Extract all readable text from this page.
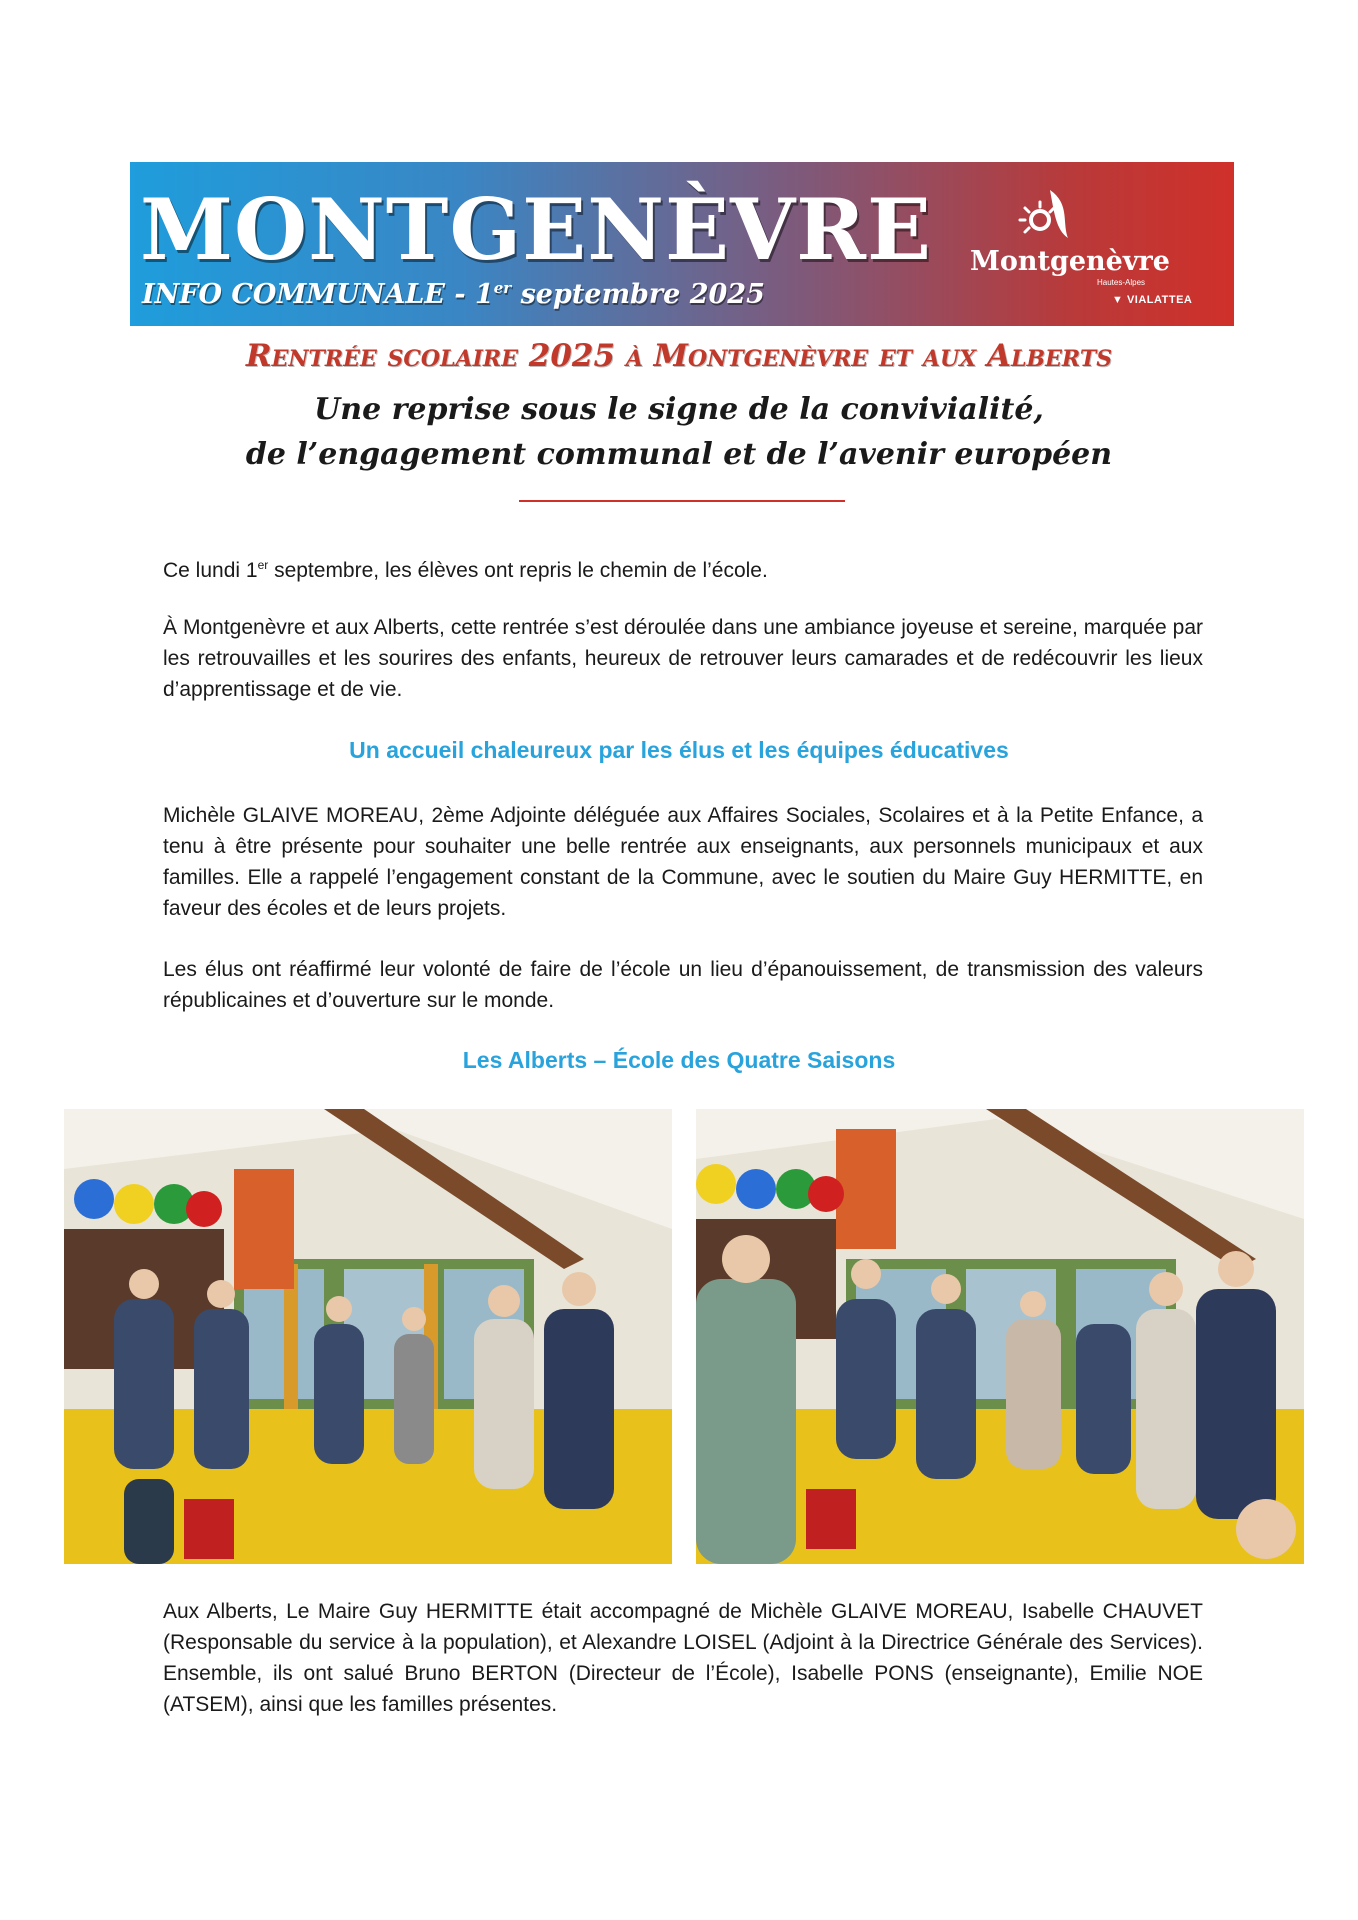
MONTGENÈVRE
INFO COMMUNALE - 1er septembre 2025
Montgenèvre
Hautes-Alpes
▼ VIALATTEA
Rentrée scolaire 2025 à Montgenèvre et aux Alberts
Une reprise sous le signe de la convivialité,
de l’engagement communal et de l’avenir européen
Ce lundi 1er septembre, les élèves ont repris le chemin de l’école.
À Montgenèvre et aux Alberts, cette rentrée s’est déroulée dans une ambiance joyeuse et sereine, marquée par les retrouvailles et les sourires des enfants, heureux de retrouver leurs camarades et de redécouvrir les lieux d’apprentissage et de vie.
Un accueil chaleureux par les élus et les équipes éducatives
Michèle GLAIVE MOREAU, 2ème Adjointe déléguée aux Affaires Sociales, Scolaires et à la Petite Enfance, a tenu à être présente pour souhaiter une belle rentrée aux enseignants, aux personnels municipaux et aux familles. Elle a rappelé l’engagement constant de la Commune, avec le soutien du Maire Guy HERMITTE, en faveur des écoles et de leurs projets.
Les élus ont réaffirmé leur volonté de faire de l’école un lieu d’épanouissement, de transmission des valeurs républicaines et d’ouverture sur le monde.
Les Alberts – École des Quatre Saisons
Aux Alberts, Le Maire Guy HERMITTE était accompagné de Michèle GLAIVE MOREAU, Isabelle CHAUVET (Responsable du service à la population), et Alexandre LOISEL (Adjoint à la Directrice Générale des Services). Ensemble, ils ont salué Bruno BERTON (Directeur de l’École), Isabelle PONS (enseignante), Emilie NOE (ATSEM), ainsi que les familles présentes.
